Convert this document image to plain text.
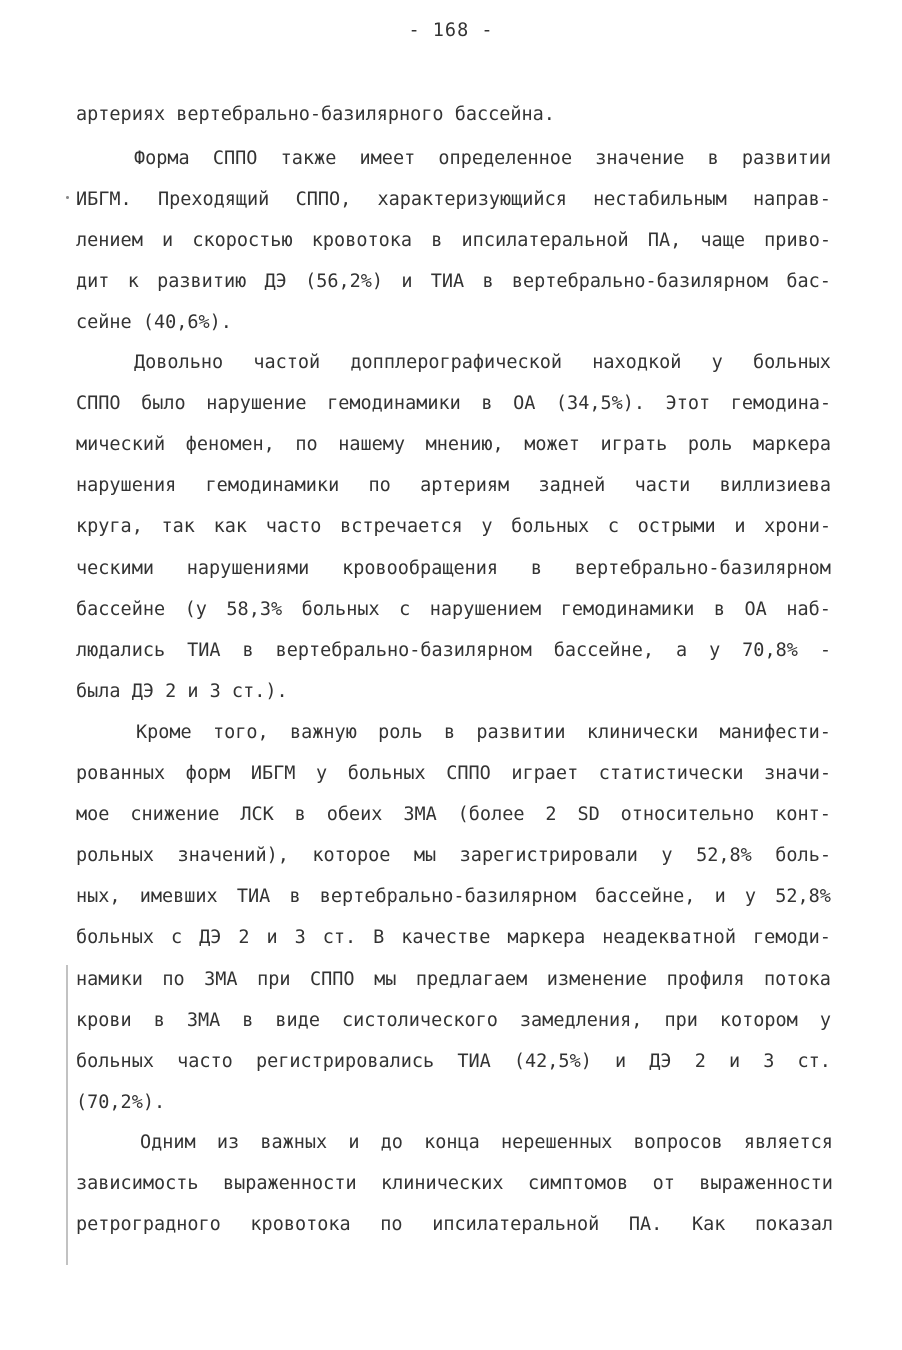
- 168 -
артериях вертебрально-базилярного бассейна.
Форма СППО также имеет определенное значение в развитии
ИБГМ. Преходящий СППО, характеризующийся нестабильным направ-
лением и скоростью кровотока в ипсилатеральной ПА, чаще приво-
дит к развитию ДЭ (56,2%) и ТИА в вертебрально-базилярном бас-
сейне (40,6%).
Довольно частой допплерографической находкой у больных
СППО было нарушение гемодинамики в ОА (34,5%). Этот гемодина-
мический феномен, по нашему мнению, может играть роль маркера
нарушения гемодинамики по артериям задней части виллизиева
круга, так как часто встречается у больных с острыми и хрони-
ческими нарушениями кровообращения в вертебрально-базилярном
бассейне (у 58,3% больных с нарушением гемодинамики в ОА наб-
людались ТИА в вертебрально-базилярном бассейне, а у 70,8% -
была ДЭ 2 и 3 ст.).
Кроме того, важную роль в развитии клинически манифести-
рованных форм ИБГМ у больных СППО играет статистически значи-
мое снижение ЛСК в обеих ЗМА (более 2 SD относительно конт-
рольных значений), которое мы зарегистрировали у 52,8% боль-
ных, имевших ТИА в вертебрально-базилярном бассейне, и у 52,8%
больных с ДЭ 2 и 3 ст. В качестве маркера неадекватной гемоди-
намики по ЗМА при СППО мы предлагаем изменение профиля потока
крови в ЗМА в виде систолического замедления, при котором у
больных часто регистрировались ТИА (42,5%) и ДЭ 2 и 3 ст.
(70,2%).
Одним из важных и до конца нерешенных вопросов является
зависимость выраженности клинических симптомов от выраженности
ретроградного кровотока по ипсилатеральной ПА. Как показал
